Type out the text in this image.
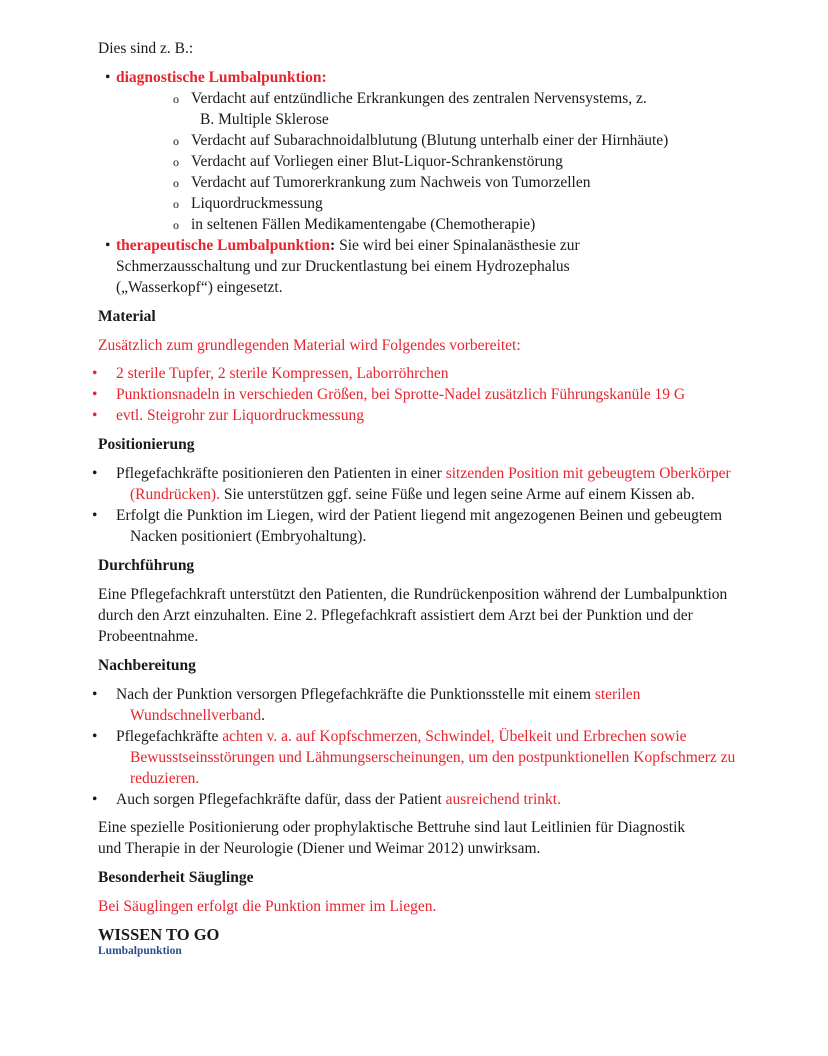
Dies sind z. B.:

• diagnostische Lumbalpunktion:
o Verdacht auf entzündliche Erkrankungen des zentralen Nervensystems, z.
B. Multiple Sklerose
o Verdacht auf Subarachnoidalblutung (Blutung unterhalb einer der Hirnhäute)
o Verdacht auf Vorliegen einer Blut-Liquor-Schrankenstörung
o Verdacht auf Tumorerkrankung zum Nachweis von Tumorzellen
o Liquordruckmessung
o in seltenen Fällen Medikamentengabe (Chemotherapie)
• therapeutische Lumbalpunktion: Sie wird bei einer Spinalanästhesie zur Schmerzausschaltung und zur Druckentlastung bei einem Hydrozephalus („Wasserkopf“) eingesetzt.
Material

Zusätzlich zum grundlegenden Material wird Folgendes vorbereitet:

• 2 sterile Tupfer, 2 sterile Kompressen, Laborröhrchen
• Punktionsnadeln in verschieden Größen, bei Sprotte-Nadel zusätzlich Führungskanüle 19 G
• evtl. Steigrohr zur Liquordruckmessung
Positionierung
• Pflegefachkräfte positionieren den Patienten in einer sitzenden Position mit gebeugtem Oberkörper (Rundrücken). Sie unterstützen ggf. seine Füße und legen seine Arme auf einem Kissen ab.
• Erfolgt die Punktion im Liegen, wird der Patient liegend mit angezogenen Beinen und gebeugtem Nacken positioniert (Embryohaltung).
Durchführung

Eine Pflegefachkraft unterstützt den Patienten, die Rundrückenposition während der Lumbalpunktion durch den Arzt einzuhalten. Eine 2. Pflegefachkraft assistiert dem Arzt bei der Punktion und der Probeentnahme.

Nachbereitung
• Nach der Punktion versorgen Pflegefachkräfte die Punktionsstelle mit einem sterilen Wundschnellverband.
• Pflegefachkräfte achten v. a. auf Kopfschmerzen, Schwindel, Übelkeit und Erbrechen sowie Bewusstseinsstörungen und Lähmungserscheinungen, um den postpunktionellen Kopfschmerz zu reduzieren.
• Auch sorgen Pflegefachkräfte dafür, dass der Patient ausreichend trinkt.

Eine spezielle Positionierung oder prophylaktische Bettruhe sind laut Leitlinien für Diagnostik und Therapie in der Neurologie (Diener und Weimar 2012) unwirksam.

Besonderheit Säuglinge

Bei Säuglingen erfolgt die Punktion immer im Liegen.

WISSEN TO GO
Lumbalpunktion
